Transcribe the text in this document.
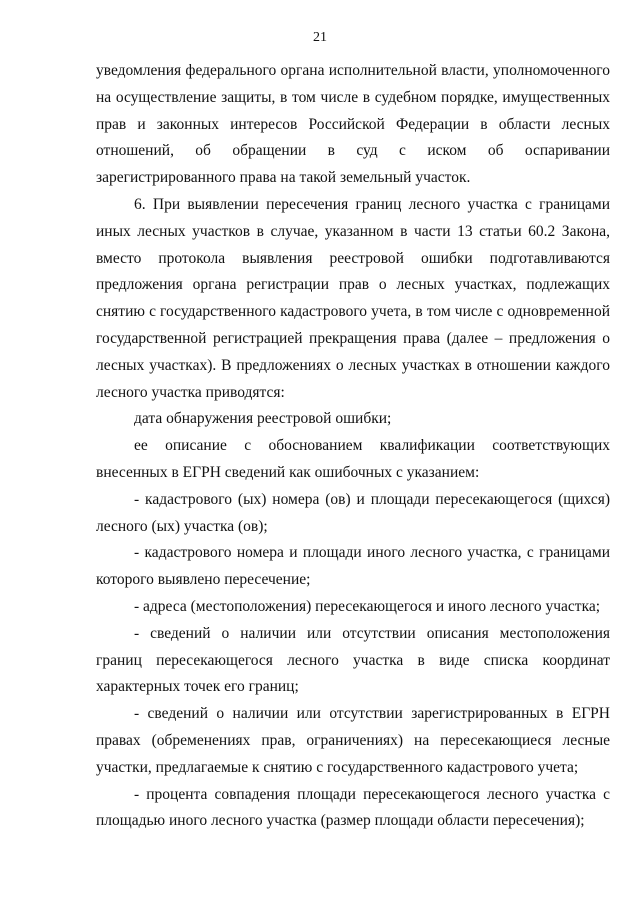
21

уведомления федерального органа исполнительной власти, уполномоченного на осуществление защиты, в том числе в судебном порядке, имущественных прав и законных интересов Российской Федерации в области лесных отношений, об обращении в суд с иском об оспаривании зарегистрированного права на такой земельный участок.

6. При выявлении пересечения границ лесного участка с границами иных лесных участков в случае, указанном в части 13 статьи 60.2 Закона, вместо протокола выявления реестровой ошибки подготавливаются предложения органа регистрации прав о лесных участках, подлежащих снятию с государственного кадастрового учета, в том числе с одновременной государственной регистрацией прекращения права (далее – предложения о лесных участках). В предложениях о лесных участках в отношении каждого лесного участка приводятся:

дата обнаружения реестровой ошибки;

ее описание с обоснованием квалификации соответствующих внесенных в ЕГРН сведений как ошибочных с указанием:

- кадастрового (ых) номера (ов) и площади пересекающегося (щихся) лесного (ых) участка (ов);

- кадастрового номера и площади иного лесного участка, с границами которого выявлено пересечение;

- адреса (местоположения) пересекающегося и иного лесного участка;

- сведений о наличии или отсутствии описания местоположения границ пересекающегося лесного участка в виде списка координат характерных точек его границ;

- сведений о наличии или отсутствии зарегистрированных в ЕГРН правах (обременениях прав, ограничениях) на пересекающиеся лесные участки, предлагаемые к снятию с государственного кадастрового учета;

- процента совпадения площади пересекающегося лесного участка с площадью иного лесного участка (размер площади области пересечения);
